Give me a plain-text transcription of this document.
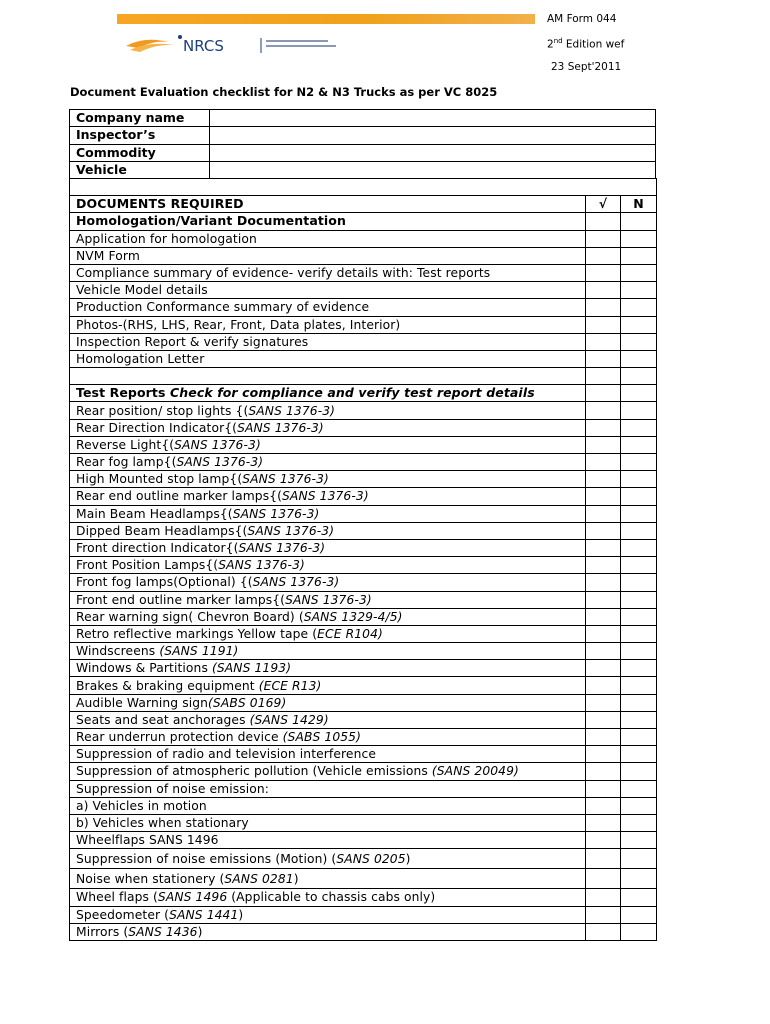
NRCS
AM Form 044
2nd Edition wef
23 Sept'2011
Document Evaluation checklist for N2 & N3 Trucks as per VC 8025
Company name	
Inspector’s	
Commodity	
Vehicle	

DOCUMENTS REQUIRED	√	N
Homologation/Variant Documentation		
Application for homologation		
NVM Form		
Compliance summary of evidence- verify details with: Test reports		
Vehicle Model details		
Production Conformance summary of evidence		
Photos-(RHS, LHS, Rear, Front, Data plates, Interior)		
Inspection Report & verify signatures		
Homologation Letter		

Test Reports Check for compliance and verify test report details		
Rear position/ stop lights {(SANS 1376-3)		
Rear Direction Indicator{(SANS 1376-3)		
Reverse Light{(SANS 1376-3)		
Rear fog lamp{(SANS 1376-3)		
High Mounted stop lamp{(SANS 1376-3)		
Rear end outline marker lamps{(SANS 1376-3)		
Main Beam Headlamps{(SANS 1376-3)		
Dipped Beam Headlamps{(SANS 1376-3)		
Front direction Indicator{(SANS 1376-3)		
Front Position Lamps{(SANS 1376-3)		
Front fog lamps(Optional) {(SANS 1376-3)		
Front end outline marker lamps{(SANS 1376-3)		
Rear warning sign( Chevron Board) (SANS 1329-4/5)		
Retro reflective markings Yellow tape (ECE R104)		
Windscreens (SANS 1191)		
Windows & Partitions (SANS 1193)		
Brakes & braking equipment (ECE R13)		
Audible Warning sign(SABS 0169)		
Seats and seat anchorages (SANS 1429)		
Rear underrun protection device (SABS 1055)		
Suppression of radio and television interference		
Suppression of atmospheric pollution (Vehicle emissions (SANS 20049)		
Suppression of noise emission:		
a) Vehicles in motion		
b) Vehicles when stationary		
Wheelflaps SANS 1496		
Suppression of noise emissions (Motion) (SANS 0205)		
Noise when stationery (SANS 0281)		
Wheel flaps (SANS 1496 (Applicable to chassis cabs only)		
Speedometer (SANS 1441)		
Mirrors (SANS 1436)		
